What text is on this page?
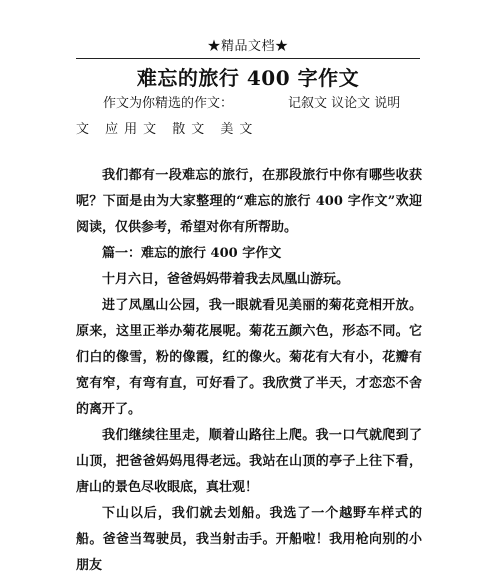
★精品文档★
难忘的旅行 400 字作文
作文为你精选的作文：	记叙文 议论文 说明
文 应用文 散文 美文

我们都有一段难忘的旅行，在那段旅行中你有哪些收获呢？下面是由为大家整理的“难忘的旅行 400 字作文”欢迎阅读，仅供参考，希望对你有所帮助。

篇一：难忘的旅行 400 字作文

十月六日，爸爸妈妈带着我去凤凰山游玩。

进了凤凰山公园，我一眼就看见美丽的菊花竞相开放。原来，这里正举办菊花展呢。菊花五颜六色，形态不同。它们白的像雪，粉的像霞，红的像火。菊花有大有小，花瓣有宽有窄，有弯有直，可好看了。我欣赏了半天，才恋恋不舍的离开了。

我们继续往里走，顺着山路往上爬。我一口气就爬到了山顶，把爸爸妈妈甩得老远。我站在山顶的亭子上往下看，唐山的景色尽收眼底，真壮观！

下山以后，我们就去划船。我选了一个越野车样式的船。爸爸当驾驶员，我当射击手。开船啦！我用枪向别的小朋友
